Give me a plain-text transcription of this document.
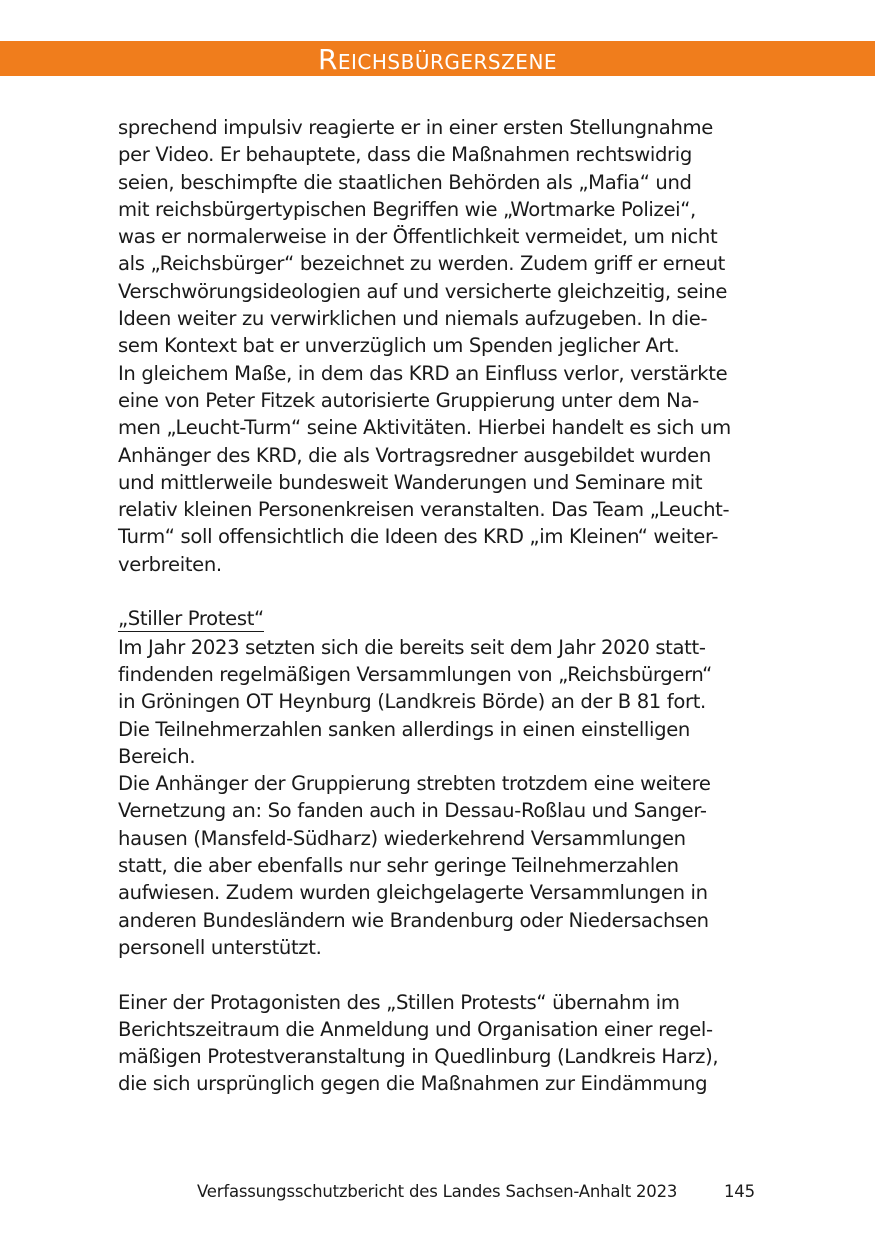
Reichsbürgerszene

sprechend impulsiv reagierte er in einer ersten Stellungnahme
per Video. Er behauptete, dass die Maßnahmen rechtswidrig
seien, beschimpfte die staatlichen Behörden als „Mafia“ und
mit reichsbürgertypischen Begriffen wie „Wortmarke Polizei“,
was er normalerweise in der Öffentlichkeit vermeidet, um nicht
als „Reichsbürger“ bezeichnet zu werden. Zudem griff er erneut
Verschwörungsideologien auf und versicherte gleichzeitig, seine
Ideen weiter zu verwirklichen und niemals aufzugeben. In die-
sem Kontext bat er unverzüglich um Spenden jeglicher Art.

In gleichem Maße, in dem das KRD an Einfluss verlor, verstärkte
eine von Peter Fitzek autorisierte Gruppierung unter dem Na-
men „Leucht-Turm“ seine Aktivitäten. Hierbei handelt es sich um
Anhänger des KRD, die als Vortragsredner ausgebildet wurden
und mittlerweile bundesweit Wanderungen und Seminare mit
relativ kleinen Personenkreisen veranstalten. Das Team „Leucht-
Turm“ soll offensichtlich die Ideen des KRD „im Kleinen“ weiter-
verbreiten.

„Stiller Protest“

Im Jahr 2023 setzten sich die bereits seit dem Jahr 2020 statt-
findenden regelmäßigen Versammlungen von „Reichsbürgern“
in Gröningen OT Heynburg (Landkreis Börde) an der B 81 fort.
Die Teilnehmerzahlen sanken allerdings in einen einstelligen
Bereich.

Die Anhänger der Gruppierung strebten trotzdem eine weitere
Vernetzung an: So fanden auch in Dessau-Roßlau und Sanger-
hausen (Mansfeld-Südharz) wiederkehrend Versammlungen
statt, die aber ebenfalls nur sehr geringe Teilnehmerzahlen
aufwiesen. Zudem wurden gleichgelagerte Versammlungen in
anderen Bundesländern wie Brandenburg oder Niedersachsen
personell unterstützt.

Einer der Protagonisten des „Stillen Protests“ übernahm im
Berichtszeitraum die Anmeldung und Organisation einer regel-
mäßigen Protestveranstaltung in Quedlinburg (Landkreis Harz),
die sich ursprünglich gegen die Maßnahmen zur Eindämmung

Verfassungsschutzbericht des Landes Sachsen-Anhalt 2023	145
